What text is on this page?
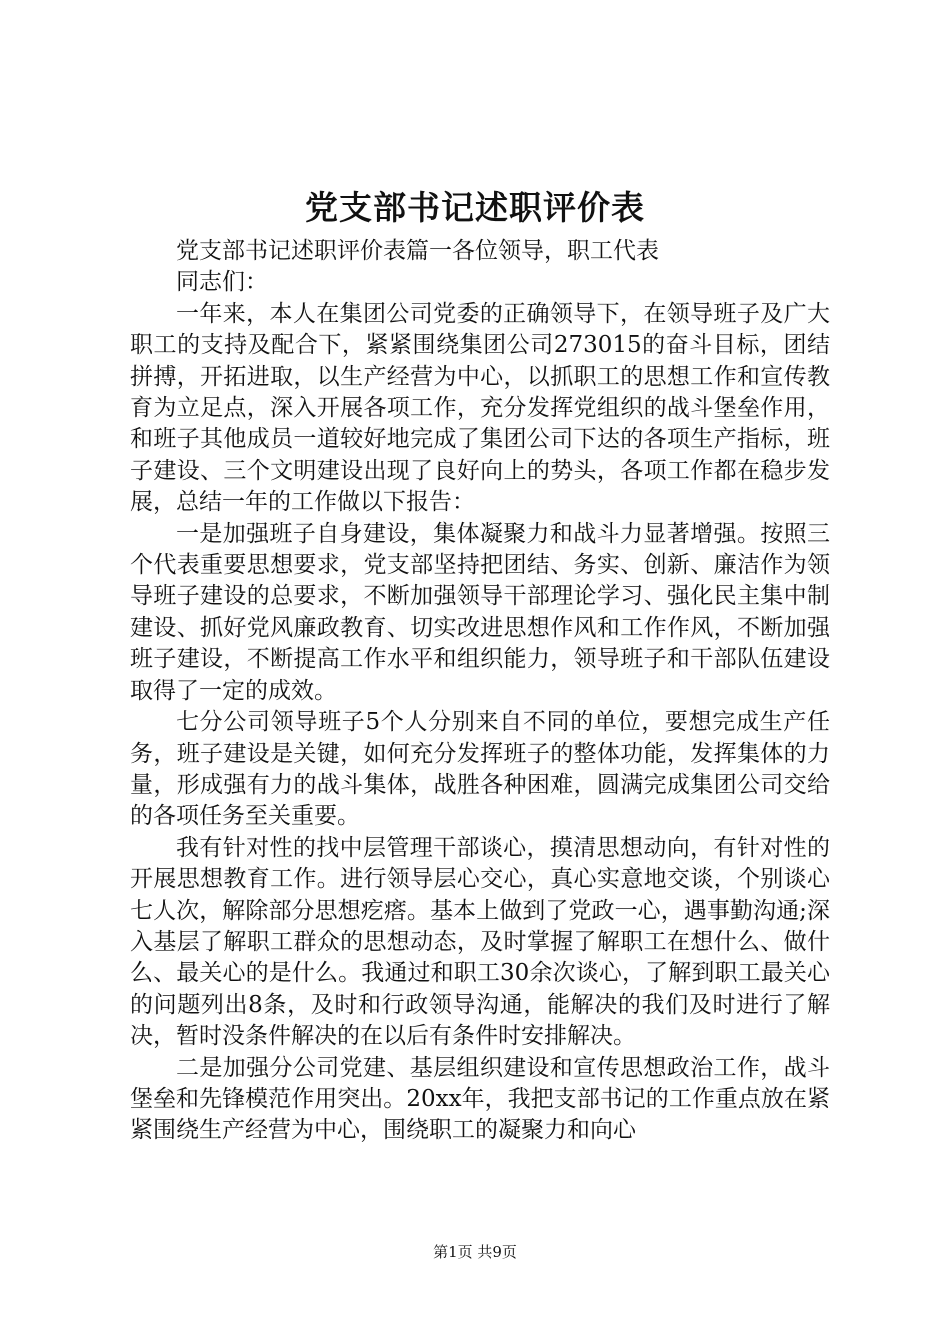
党支部书记述职评价表

党支部书记述职评价表篇一各位领导，职工代表

同志们：

一年来，本人在集团公司党委的正确领导下，在领导班子及广大职工的支持及配合下，紧紧围绕集团公司273015的奋斗目标，团结拼搏，开拓进取，以生产经营为中心，以抓职工的思想工作和宣传教育为立足点，深入开展各项工作，充分发挥党组织的战斗堡垒作用，和班子其他成员一道较好地完成了集团公司下达的各项生产指标，班子建设、三个文明建设出现了良好向上的势头，各项工作都在稳步发展，总结一年的工作做以下报告：

一是加强班子自身建设，集体凝聚力和战斗力显著增强。按照三个代表重要思想要求，党支部坚持把团结、务实、创新、廉洁作为领导班子建设的总要求，不断加强领导干部理论学习、强化民主集中制建设、抓好党风廉政教育、切实改进思想作风和工作作风，不断加强班子建设，不断提高工作水平和组织能力，领导班子和干部队伍建设取得了一定的成效。

七分公司领导班子5个人分别来自不同的单位，要想完成生产任务，班子建设是关键，如何充分发挥班子的整体功能，发挥集体的力量，形成强有力的战斗集体，战胜各种困难，圆满完成集团公司交给的各项任务至关重要。

我有针对性的找中层管理干部谈心，摸清思想动向，有针对性的开展思想教育工作。进行领导层心交心，真心实意地交谈，个别谈心七人次，解除部分思想疙瘩。基本上做到了党政一心，遇事勤沟通;深入基层了解职工群众的思想动态，及时掌握了解职工在想什么、做什么、最关心的是什么。我通过和职工30余次谈心，了解到职工最关心的问题列出8条，及时和行政领导沟通，能解决的我们及时进行了解决，暂时没条件解决的在以后有条件时安排解决。

二是加强分公司党建、基层组织建设和宣传思想政治工作，战斗堡垒和先锋模范作用突出。20xx年，我把支部书记的工作重点放在紧紧围绕生产经营为中心，围绕职工的凝聚力和向心

第1页 共9页
